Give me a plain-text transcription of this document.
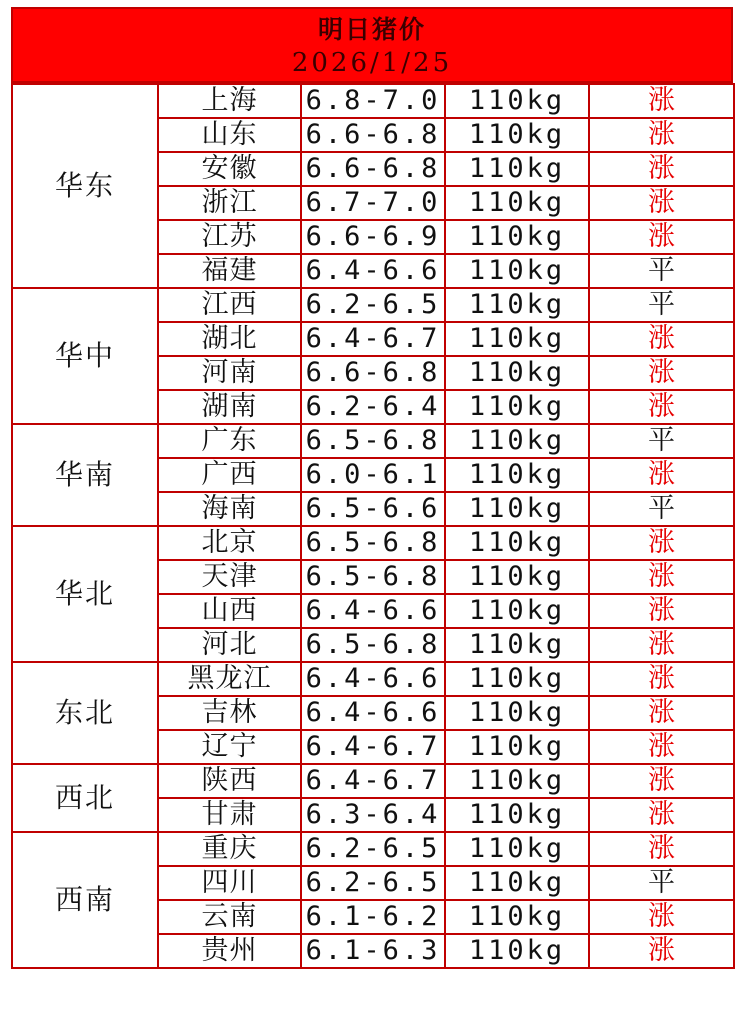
明日猪价
2026/1/25
华东	上海	6.8-7.0	110kg	涨
	山东	6.6-6.8	110kg	涨
	安徽	6.6-6.8	110kg	涨
	浙江	6.7-7.0	110kg	涨
	江苏	6.6-6.9	110kg	涨
	福建	6.4-6.6	110kg	平
华中	江西	6.2-6.5	110kg	平
	湖北	6.4-6.7	110kg	涨
	河南	6.6-6.8	110kg	涨
	湖南	6.2-6.4	110kg	涨
华南	广东	6.5-6.8	110kg	平
	广西	6.0-6.1	110kg	涨
	海南	6.5-6.6	110kg	平
华北	北京	6.5-6.8	110kg	涨
	天津	6.5-6.8	110kg	涨
	山西	6.4-6.6	110kg	涨
	河北	6.5-6.8	110kg	涨
东北	黑龙江	6.4-6.6	110kg	涨
	吉林	6.4-6.6	110kg	涨
	辽宁	6.4-6.7	110kg	涨
西北	陕西	6.4-6.7	110kg	涨
	甘肃	6.3-6.4	110kg	涨
西南	重庆	6.2-6.5	110kg	涨
	四川	6.2-6.5	110kg	平
	云南	6.1-6.2	110kg	涨
	贵州	6.1-6.3	110kg	涨
